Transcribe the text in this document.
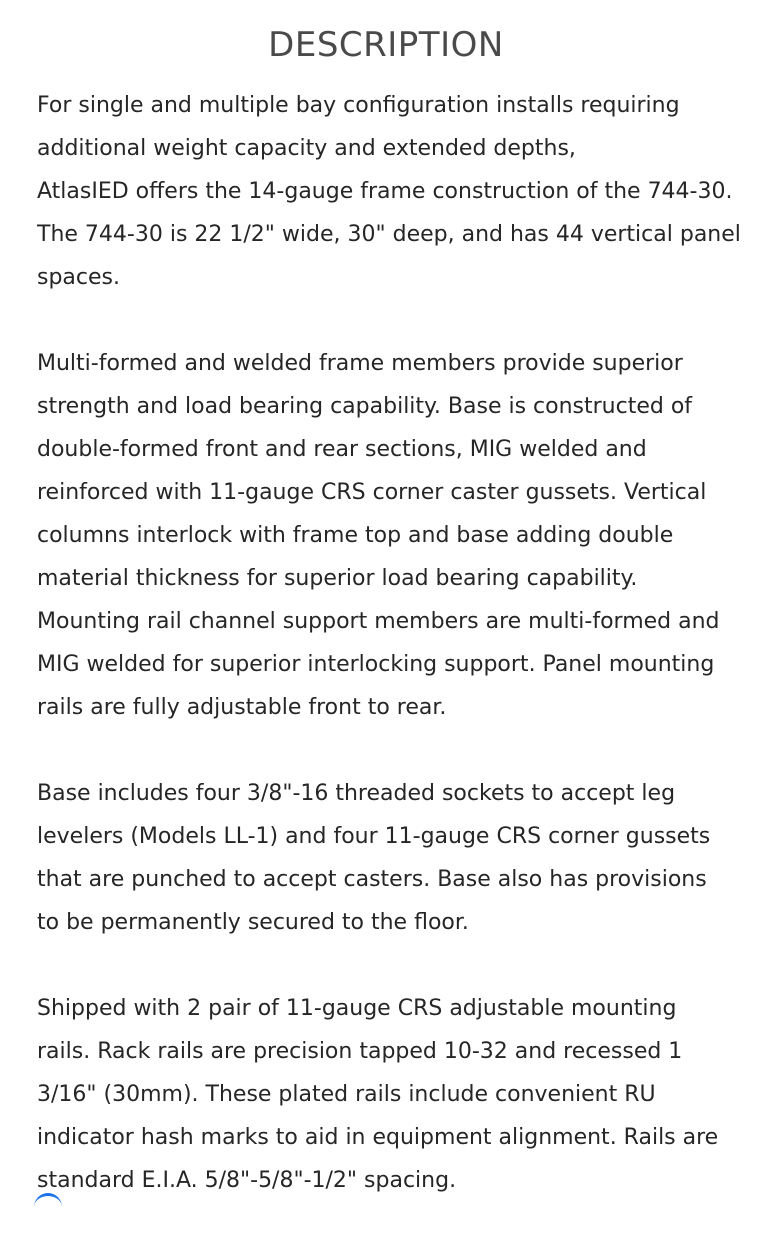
DESCRIPTION

For single and multiple bay configuration installs requiring
additional weight capacity and extended depths,
AtlasIED offers the 14-gauge frame construction of the 744-30.
The 744-30 is 22 1/2" wide, 30" deep, and has 44 vertical panel
spaces.

Multi-formed and welded frame members provide superior
strength and load bearing capability. Base is constructed of
double-formed front and rear sections, MIG welded and
reinforced with 11-gauge CRS corner caster gussets. Vertical
columns interlock with frame top and base adding double
material thickness for superior load bearing capability.
Mounting rail channel support members are multi-formed and
MIG welded for superior interlocking support. Panel mounting
rails are fully adjustable front to rear.

Base includes four 3/8"-16 threaded sockets to accept leg
levelers (Models LL-1) and four 11-gauge CRS corner gussets
that are punched to accept casters. Base also has provisions
to be permanently secured to the floor.

Shipped with 2 pair of 11-gauge CRS adjustable mounting
rails. Rack rails are precision tapped 10-32 and recessed 1
3/16" (30mm). These plated rails include convenient RU
indicator hash marks to aid in equipment alignment. Rails are
standard E.I.A. 5/8"-5/8"-1/2" spacing.
